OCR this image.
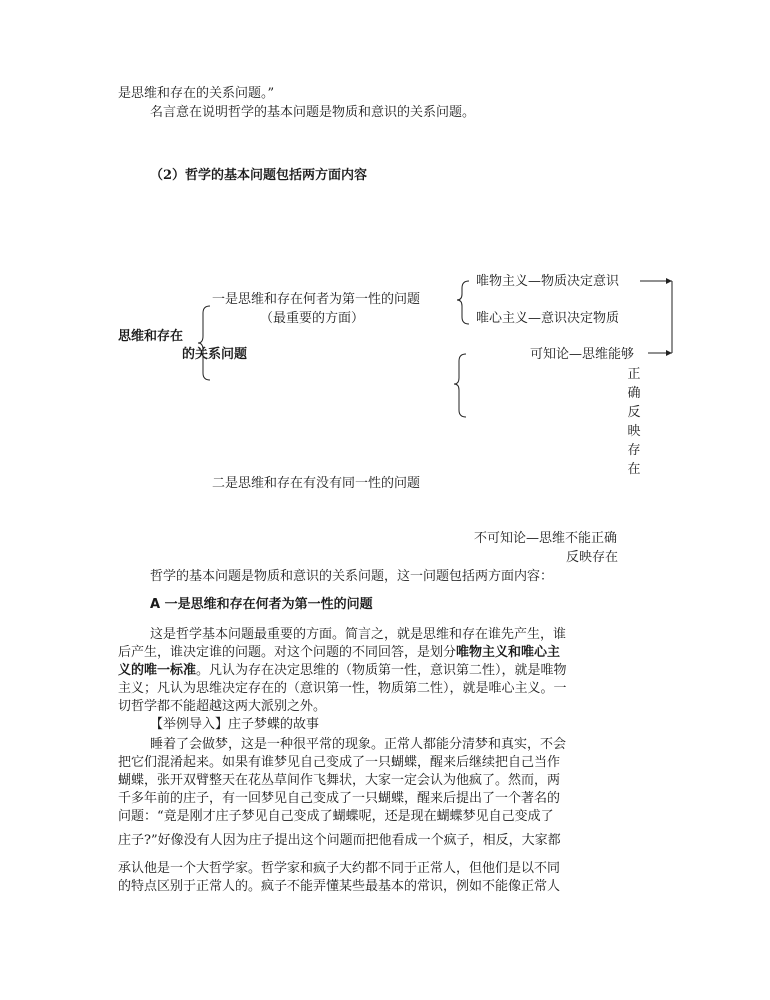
是思维和存在的关系问题。”
名言意在说明哲学的基本问题是物质和意识的关系问题。
（2）哲学的基本问题包括两方面内容
思维和存在
的关系问题
一是思维和存在何者为第一性的问题
（最重要的方面）
唯物主义—物质决定意识
唯心主义—意识决定物质
可知论—思维能够
正
确
反
映
存
在
二是思维和存在有没有同一性的问题
不可知论—思维不能正确
反映存在
哲学的基本问题是物质和意识的关系问题，这一问题包括两方面内容：
A 一是思维和存在何者为第一性的问题
这是哲学基本问题最重要的方面。简言之，就是思维和存在谁先产生，谁
后产生，谁决定谁的问题。对这个问题的不同回答，是划分唯物主义和唯心主
义的唯一标准。凡认为存在决定思维的（物质第一性，意识第二性），就是唯物
主义；凡认为思维决定存在的（意识第一性，物质第二性），就是唯心主义。一
切哲学都不能超越这两大派别之外。
【举例导入】庄子梦蝶的故事
睡着了会做梦，这是一种很平常的现象。正常人都能分清梦和真实，不会
把它们混淆起来。如果有谁梦见自己变成了一只蝴蝶，醒来后继续把自己当作
蝴蝶，张开双臂整天在花丛草间作飞舞状，大家一定会认为他疯了。然而，两
千多年前的庄子，有一回梦见自己变成了一只蝴蝶，醒来后提出了一个著名的
问题：“竟是刚才庄子梦见自己变成了蝴蝶呢，还是现在蝴蝶梦见自己变成了
庄子?”好像没有人因为庄子提出这个问题而把他看成一个疯子，相反，大家都
承认他是一个大哲学家。哲学家和疯子大约都不同于正常人，但他们是以不同
的特点区别于正常人的。疯子不能弄懂某些最基本的常识，例如不能像正常人
